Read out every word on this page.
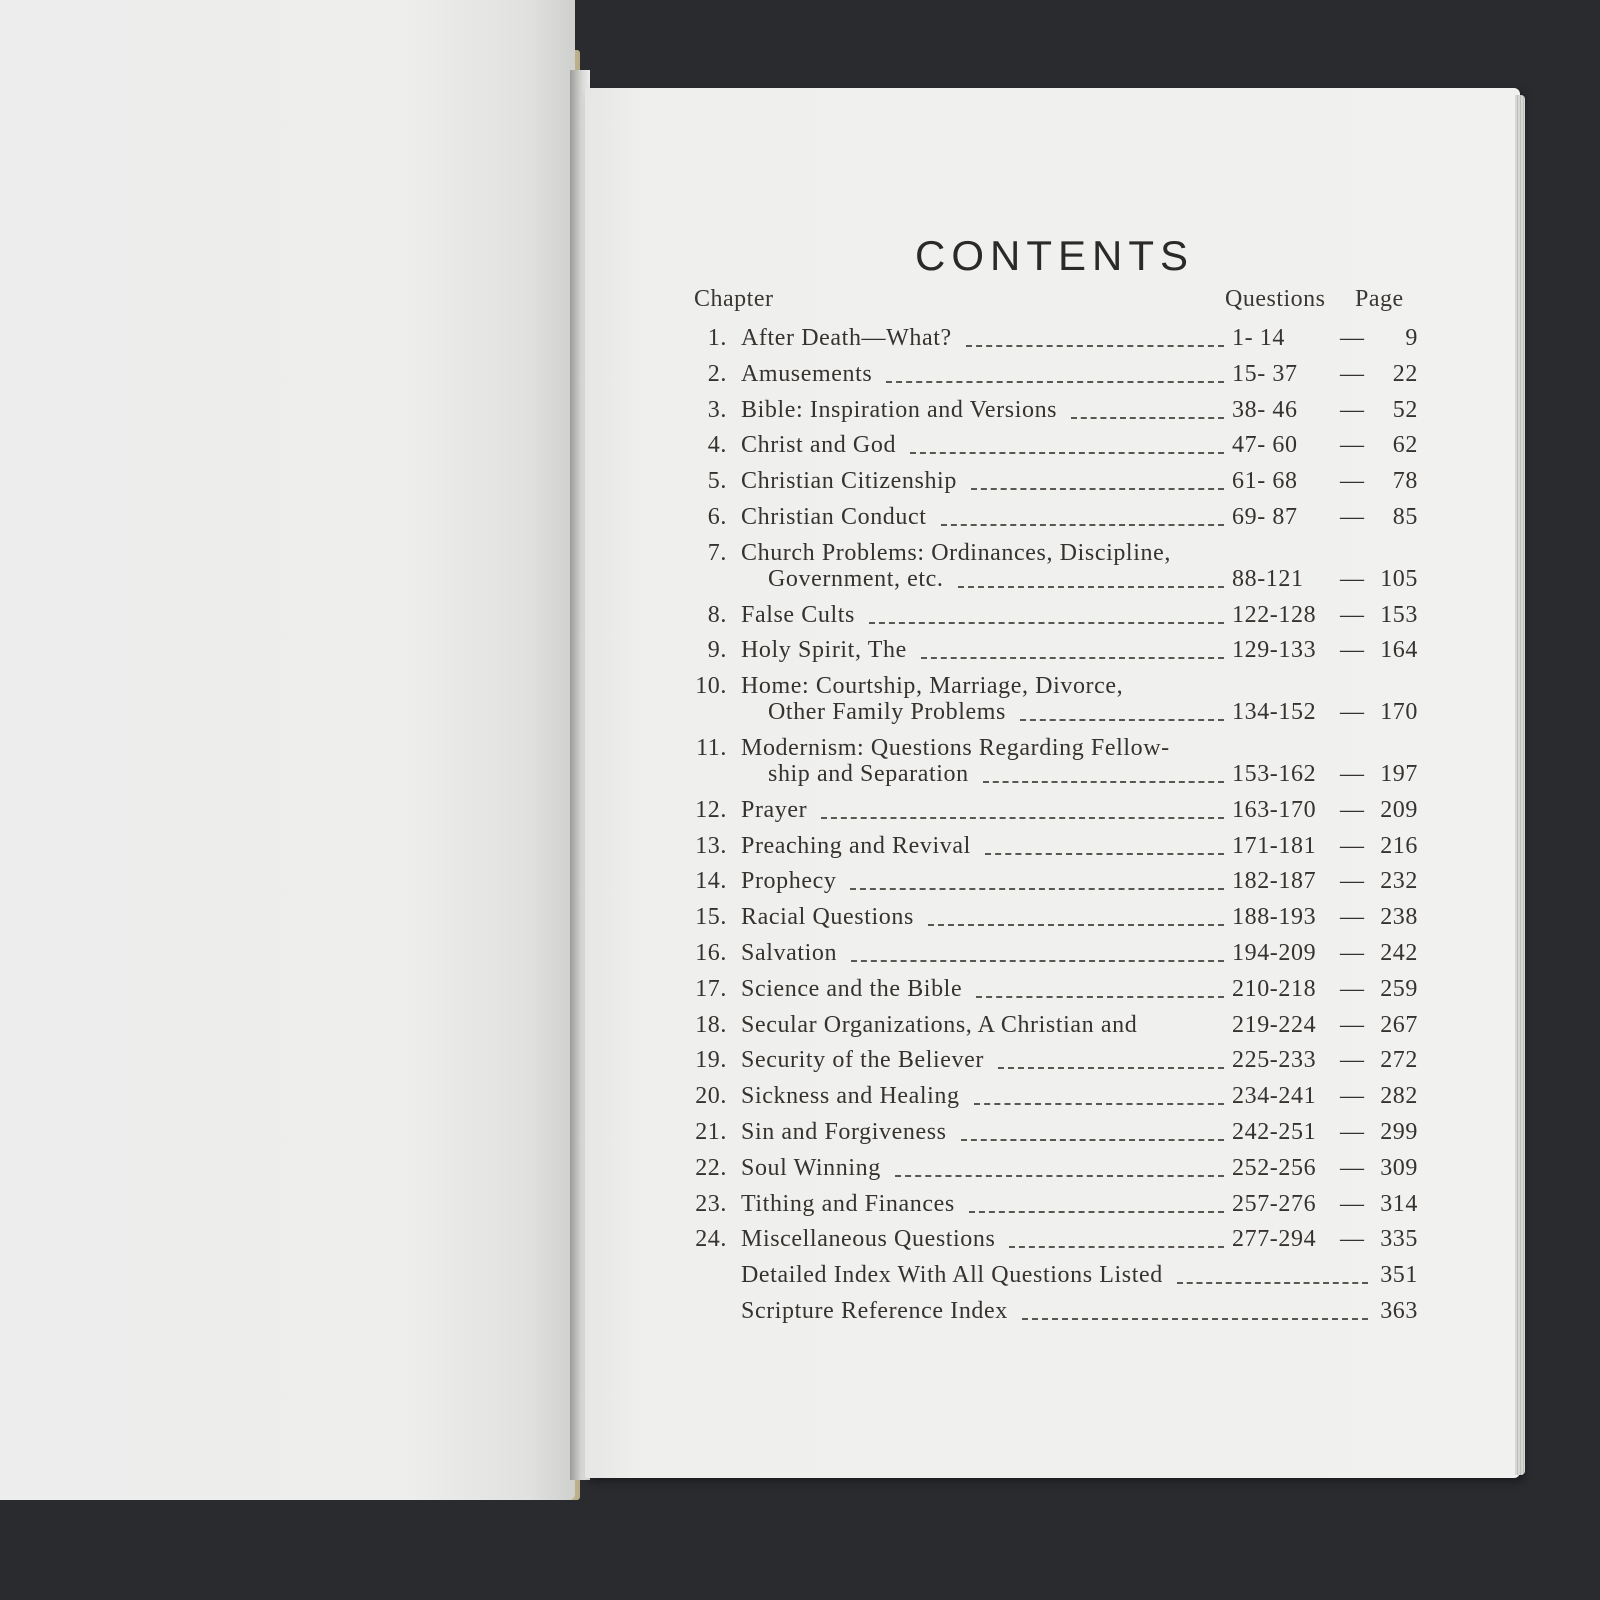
CONTENTS
Chapter	Questions Page
1. After Death—What?	1- 14 —	9
2. Amusements	15- 37 —	22
3. Bible: Inspiration and Versions	38- 46 —	52
4. Christ and God	47- 60 —	62
5. Christian Citizenship	61- 68 —	78
6. Christian Conduct	69- 87 —	85
7. Church Problems: Ordinances, Discipline,
Government, etc.	88-121 — 105
8. False Cults	122-128 — 153
9. Holy Spirit, The	129-133 — 164
10. Home: Courtship, Marriage, Divorce,
Other Family Problems	134-152 — 170
11. Modernism: Questions Regarding Fellow-
ship and Separation	153-162 — 197
12. Prayer	163-170 — 209
13. Preaching and Revival	171-181 — 216
14. Prophecy	182-187 — 232
15. Racial Questions	188-193 — 238
16. Salvation	194-209 — 242
17. Science and the Bible	210-218 — 259
18. Secular Organizations, A Christian and	219-224 — 267
19. Security of the Believer	225-233 — 272
20. Sickness and Healing	234-241 — 282
21. Sin and Forgiveness	242-251 — 299
22. Soul Winning	252-256 — 309
23. Tithing and Finances	257-276 — 314
24. Miscellaneous Questions	277-294 — 335
Detailed Index With All Questions Listed	351
Scripture Reference Index	363
